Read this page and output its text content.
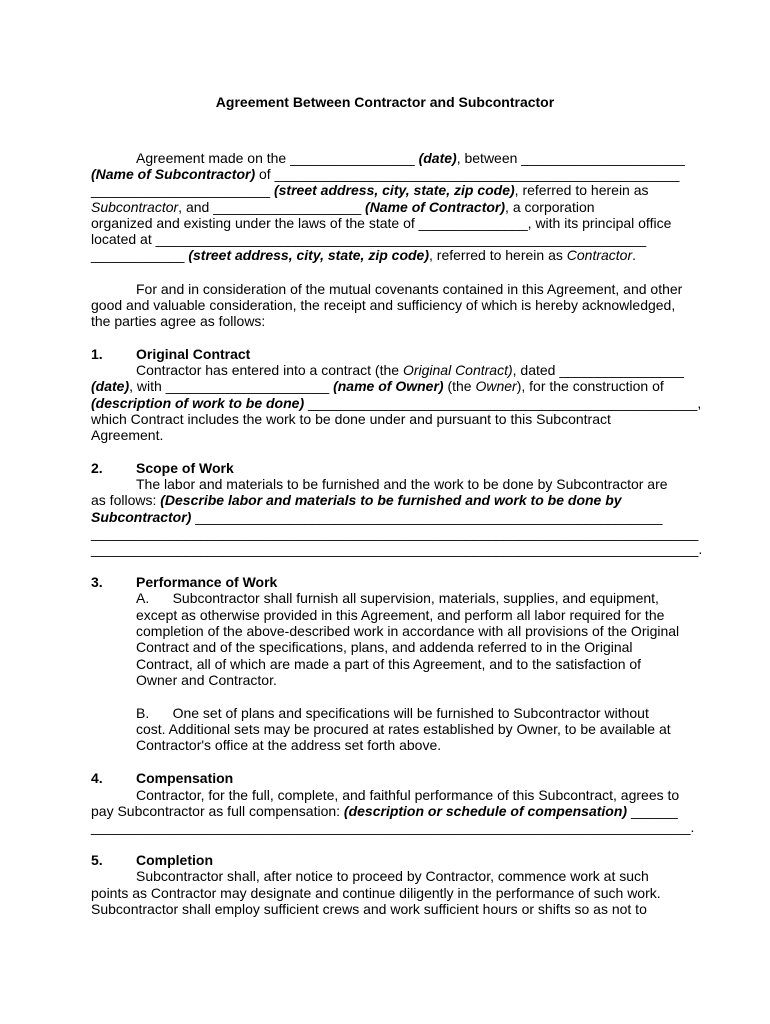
Agreement Between Contractor and Subcontractor
Agreement made on the ________________ (date), between _____________________
(Name of Subcontractor) of ____________________________________________________
_______________________ (street address, city, state, zip code), referred to herein as
Subcontractor, and ___________________ (Name of Contractor), a corporation
organized and existing under the laws of the state of ______________, with its principal office
located at _______________________________________________________________
____________ (street address, city, state, zip code), referred to herein as Contractor.
For and in consideration of the mutual covenants contained in this Agreement, and other
good and valuable consideration, the receipt and sufficiency of which is hereby acknowledged,
the parties agree as follows:
1. Original Contract
Contractor has entered into a contract (the Original Contract), dated ________________
(date), with _____________________ (name of Owner) (the Owner), for the construction of
(description of work to be done) __________________________________________________,
which Contract includes the work to be done under and pursuant to this Subcontract
Agreement.
2. Scope of Work
The labor and materials to be furnished and the work to be done by Subcontractor are
as follows: (Describe labor and materials to be furnished and work to be done by
Subcontractor) ____________________________________________________________
______________________________________________________________________________
______________________________________________________________________________.
3. Performance of Work
A.      Subcontractor shall furnish all supervision, materials, supplies, and equipment,
except as otherwise provided in this Agreement, and perform all labor required for the
completion of the above-described work in accordance with all provisions of the Original
Contract and of the specifications, plans, and addenda referred to in the Original
Contract, all of which are made a part of this Agreement, and to the satisfaction of
Owner and Contractor.
B.      One set of plans and specifications will be furnished to Subcontractor without
cost. Additional sets may be procured at rates established by Owner, to be available at
Contractor's office at the address set forth above.
4. Compensation
Contractor, for the full, complete, and faithful performance of this Subcontract, agrees to
pay Subcontractor as full compensation: (description or schedule of compensation) ______
_____________________________________________________________________________.
5. Completion
Subcontractor shall, after notice to proceed by Contractor, commence work at such
points as Contractor may designate and continue diligently in the performance of such work.
Subcontractor shall employ sufficient crews and work sufficient hours or shifts so as not to
